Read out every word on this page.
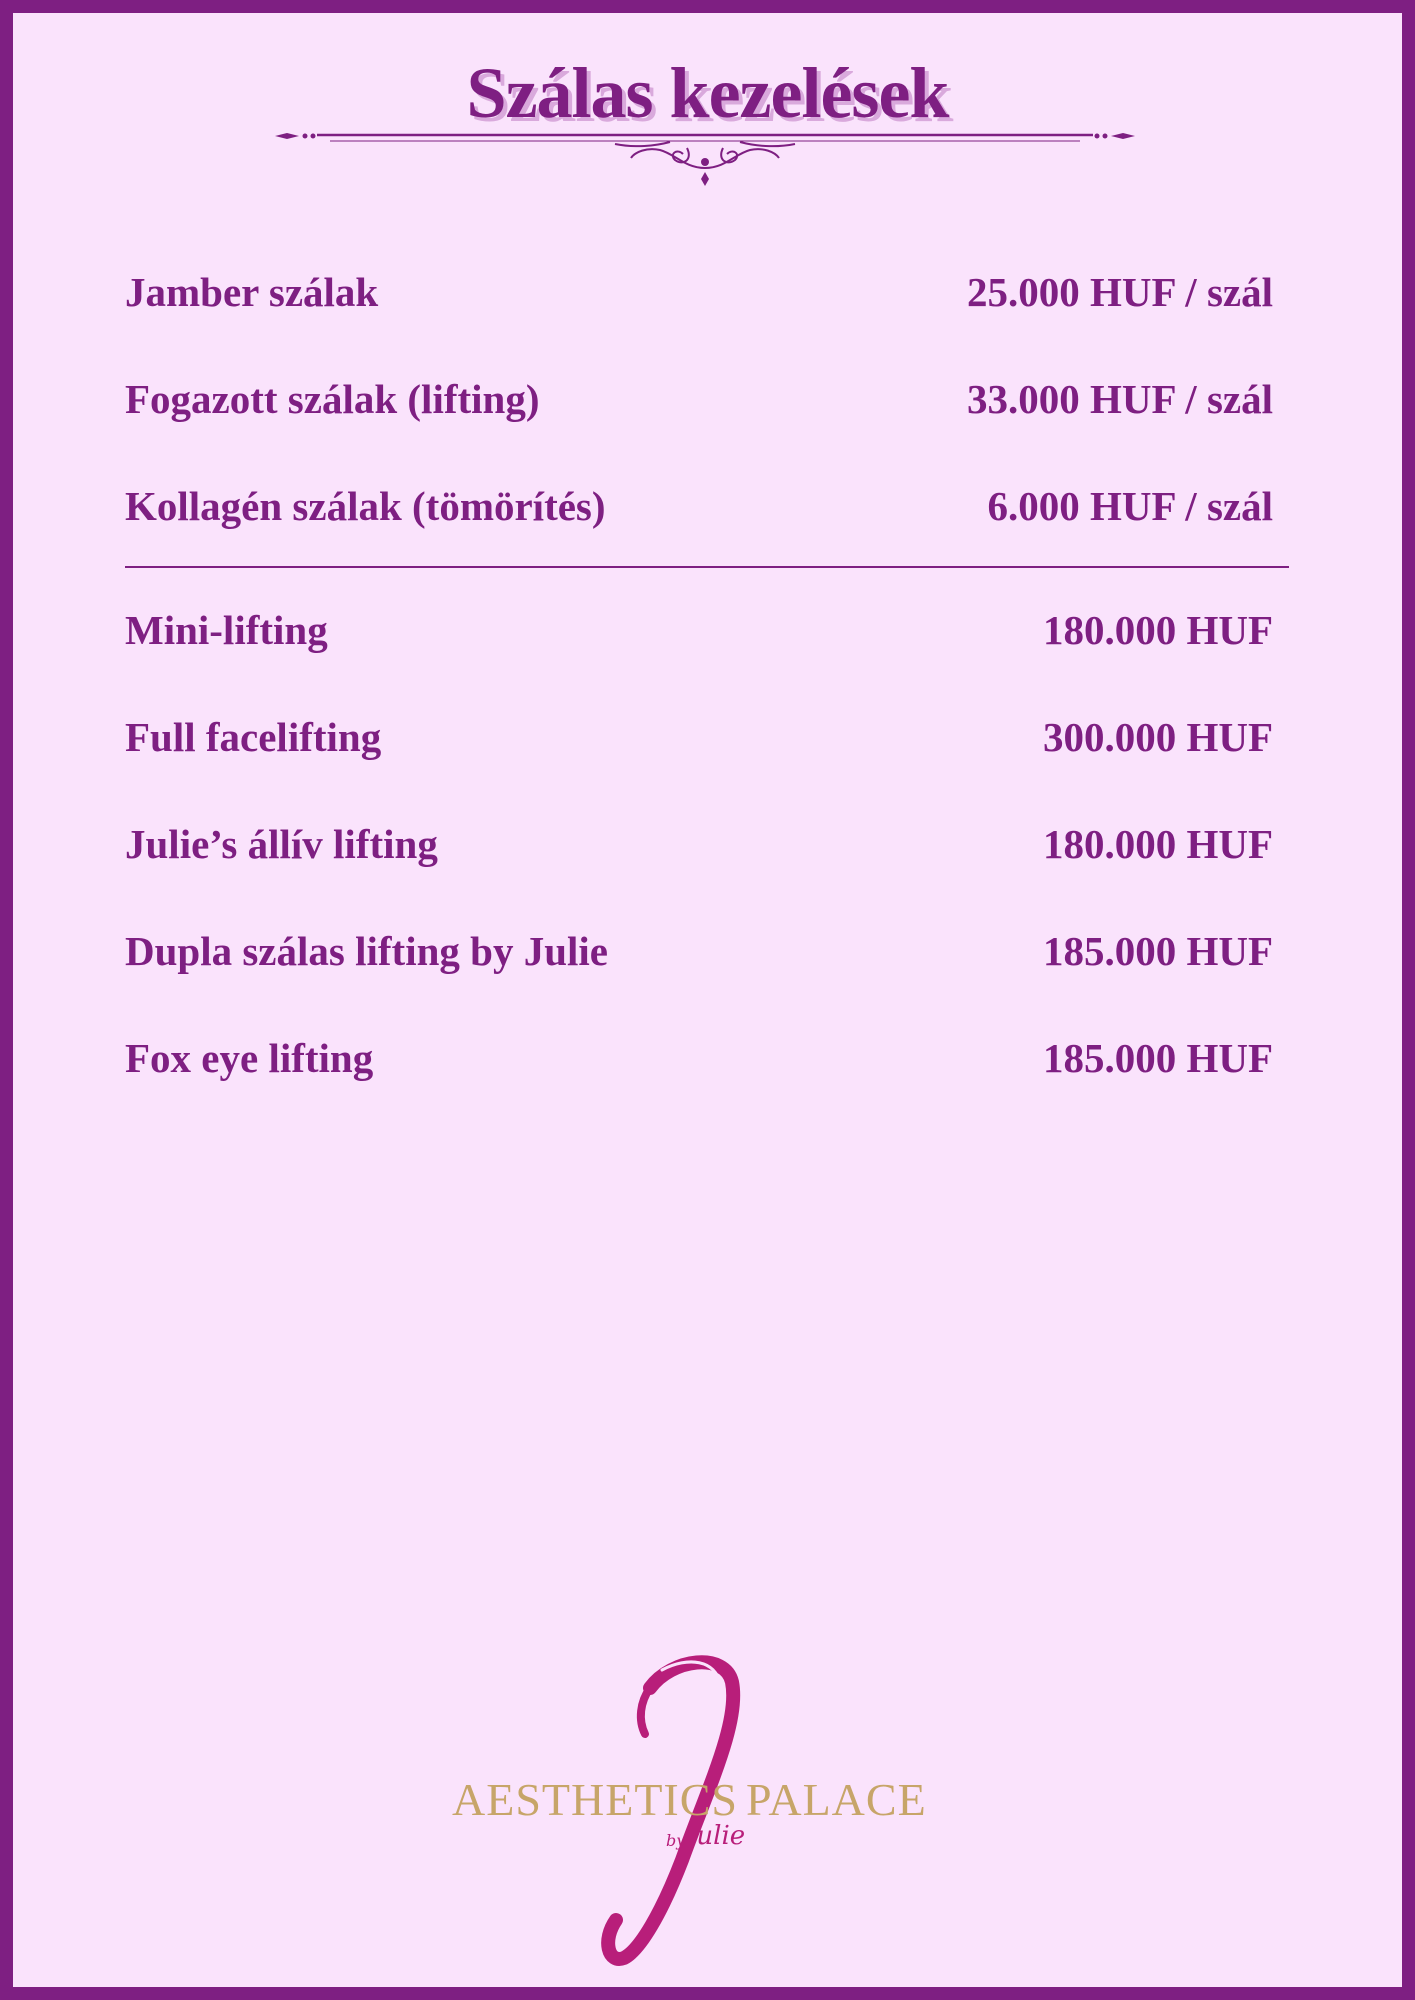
Szálas kezelések
Jamber szálak	25.000 HUF / szál
Fogazott szálak (lifting)	33.000 HUF / szál
Kollagén szálak (tömörítés)	6.000 HUF / szál
Mini-lifting	180.000 HUF
Full facelifting	300.000 HUF
Julie’s állív lifting	180.000 HUF
Dupla szálas lifting by Julie	185.000 HUF
Fox eye lifting	185.000 HUF
AESTHETICS PALACE
by Julie
